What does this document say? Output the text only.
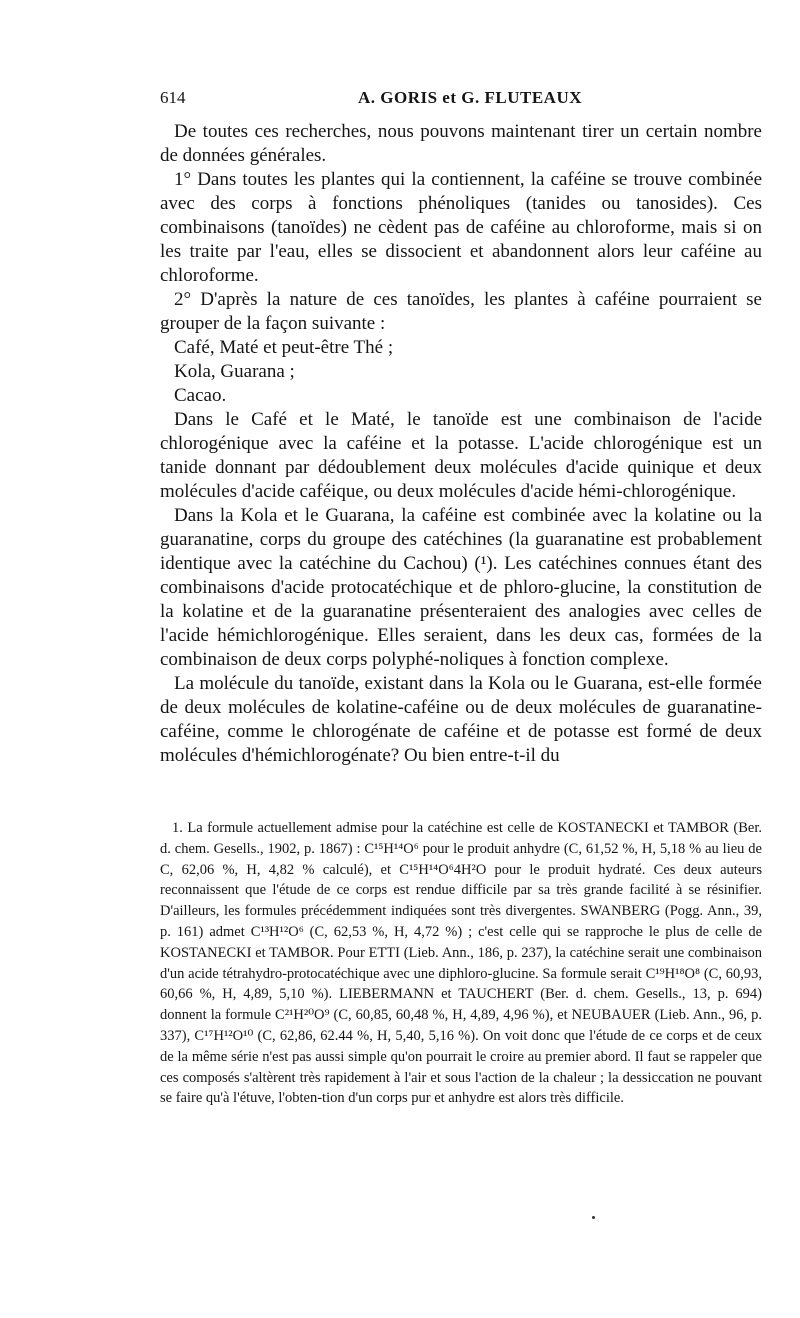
614	A. GORIS et G. FLUTEAUX

De toutes ces recherches, nous pouvons maintenant tirer un certain nombre de données générales.

1° Dans toutes les plantes qui la contiennent, la caféine se trouve combinée avec des corps à fonctions phénoliques (tanides ou tanosides). Ces combinaisons (tanoïdes) ne cèdent pas de caféine au chloroforme, mais si on les traite par l'eau, elles se dissocient et abandonnent alors leur caféine au chloroforme.

2° D'après la nature de ces tanoïdes, les plantes à caféine pourraient se grouper de la façon suivante :

Café, Maté et peut-être Thé ;

Kola, Guarana ;

Cacao.

Dans le Café et le Maté, le tanoïde est une combinaison de l'acide chlorogénique avec la caféine et la potasse. L'acide chlorogénique est un tanide donnant par dédoublement deux molécules d'acide quinique et deux molécules d'acide caféique, ou deux molécules d'acide hémi-chlorogénique.

Dans la Kola et le Guarana, la caféine est combinée avec la kolatine ou la guaranatine, corps du groupe des catéchines (la guaranatine est probablement identique avec la catéchine du Cachou) (¹). Les catéchines connues étant des combinaisons d'acide protocatéchique et de phloro-glucine, la constitution de la kolatine et de la guaranatine présenteraient des analogies avec celles de l'acide hémichlorogénique. Elles seraient, dans les deux cas, formées de la combinaison de deux corps polyphé-noliques à fonction complexe.

La molécule du tanoïde, existant dans la Kola ou le Guarana, est-elle formée de deux molécules de kolatine-caféine ou de deux molécules de guaranatine-caféine, comme le chlorogénate de caféine et de potasse est formé de deux molécules d'hémichlorogénate? Ou bien entre-t-il du

1. La formule actuellement admise pour la catéchine est celle de KOSTANECKI et TAMBOR (Ber. d. chem. Gesells., 1902, p. 1867) : C¹⁵H¹⁴O⁶ pour le produit anhydre (C, 61,52 %, H, 5,18 % au lieu de C, 62,06 %, H, 4,82 % calculé), et C¹⁵H¹⁴O⁶4H²O pour le produit hydraté. Ces deux auteurs reconnaissent que l'étude de ce corps est rendue difficile par sa très grande facilité à se résinifier. D'ailleurs, les formules précédemment indiquées sont très divergentes. SWANBERG (Pogg. Ann., 39, p. 161) admet C¹³H¹²O⁶ (C, 62,53 %, H, 4,72 %) ; c'est celle qui se rapproche le plus de celle de KOSTANECKI et TAMBOR. Pour ETTI (Lieb. Ann., 186, p. 237), la catéchine serait une combinaison d'un acide tétrahydro-protocatéchique avec une diphloro-glucine. Sa formule serait C¹⁹H¹⁸O⁸ (C, 60,93, 60,66 %, H, 4,89, 5,10 %). LIEBERMANN et TAUCHERT (Ber. d. chem. Gesells., 13, p. 694) donnent la formule C²¹H²⁰O⁹ (C, 60,85, 60,48 %, H, 4,89, 4,96 %), et NEUBAUER (Lieb. Ann., 96, p. 337), C¹⁷H¹²O¹⁰ (C, 62,86, 62.44 %, H, 5,40, 5,16 %). On voit donc que l'étude de ce corps et de ceux de la même série n'est pas aussi simple qu'on pourrait le croire au premier abord. Il faut se rappeler que ces composés s'altèrent très rapidement à l'air et sous l'action de la chaleur ; la dessiccation ne pouvant se faire qu'à l'étuve, l'obten-tion d'un corps pur et anhydre est alors très difficile.
